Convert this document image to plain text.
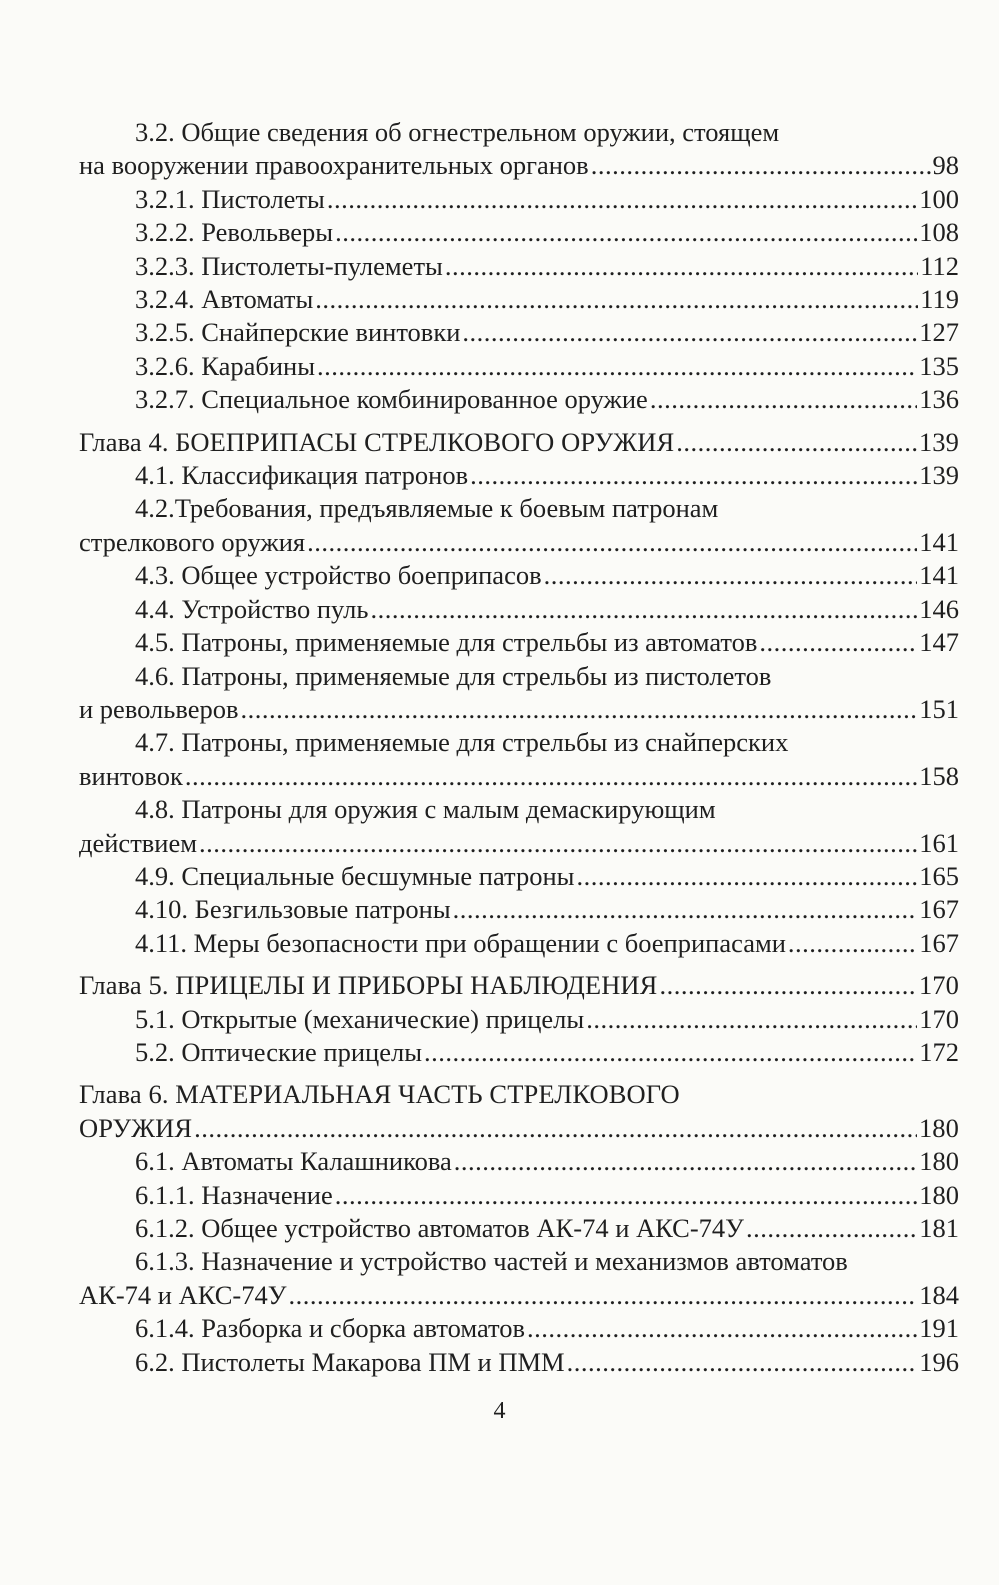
3.2. Общие сведения об огнестрельном оружии, стоящем
на вооружении правоохранительных органов .....	98
3.2.1. Пистолеты .....	100
3.2.2. Револьверы .....	108
3.2.3. Пистолеты-пулеметы .....	112
3.2.4. Автоматы .....	119
3.2.5. Снайперские винтовки .....	127
3.2.6. Карабины .....	135
3.2.7. Специальное комбинированное оружие .....	136
Глава 4. БОЕПРИПАСЫ СТРЕЛКОВОГО ОРУЖИЯ .....	139
4.1. Классификация патронов .....	139
4.2.Требования, предъявляемые к боевым патронам
стрелкового оружия .....	141
4.3. Общее устройство боеприпасов .....	141
4.4. Устройство пуль .....	146
4.5. Патроны, применяемые для стрельбы из автоматов .....	147
4.6. Патроны, применяемые для стрельбы из пистолетов
и револьверов .....	151
4.7. Патроны, применяемые для стрельбы из снайперских
винтовок .....	158
4.8. Патроны для оружия с малым демаскирующим
действием .....	161
4.9. Специальные бесшумные патроны .....	165
4.10. Безгильзовые патроны .....	167
4.11. Меры безопасности при обращении с боеприпасами .....	167
Глава 5. ПРИЦЕЛЫ И ПРИБОРЫ НАБЛЮДЕНИЯ .....	170
5.1. Открытые (механические) прицелы .....	170
5.2. Оптические прицелы .....	172
Глава 6. МАТЕРИАЛЬНАЯ ЧАСТЬ СТРЕЛКОВОГО
ОРУЖИЯ .....	180
6.1. Автоматы Калашникова .....	180
6.1.1. Назначение .....	180
6.1.2. Общее устройство автоматов АК-74 и АКС-74У .....	181
6.1.3. Назначение и устройство частей и механизмов автоматов
АК-74 и АКС-74У .....	184
6.1.4. Разборка и сборка автоматов .....	191
6.2. Пистолеты Макарова ПМ и ПММ .....	196
4
